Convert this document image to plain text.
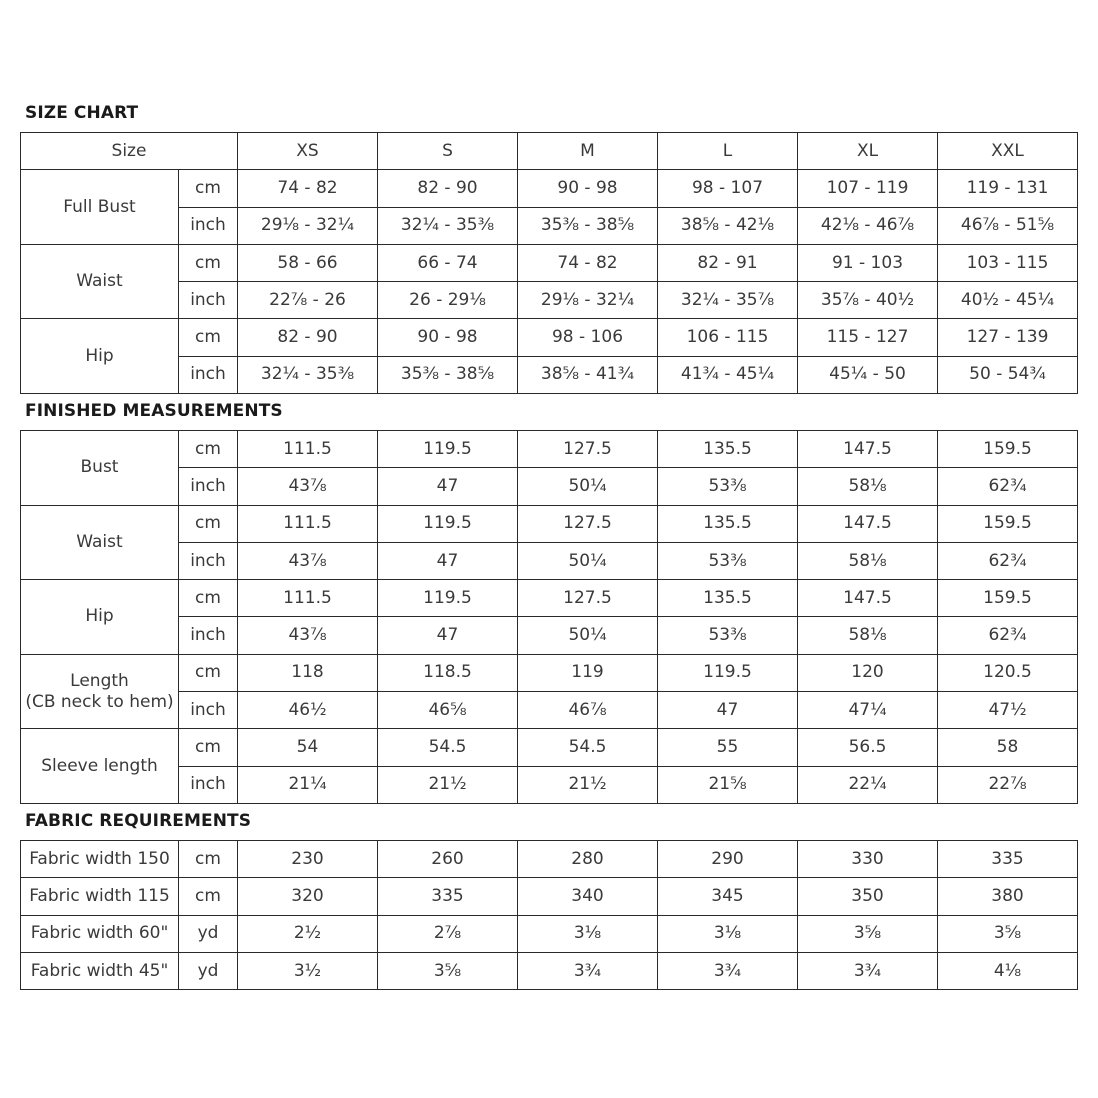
SIZE CHART
Size		XS	S	M	L	XL	XXL

Full Bust	cm	74 - 82	82 - 90	90 - 98	98 - 107	107 - 119	119 - 131
	inch	29⅛ - 32¼	32¼ - 35⅜	35⅜ - 38⅝	38⅝ - 42⅛	42⅛ - 46⅞	46⅞ - 51⅝

Waist	cm	58 - 66	66 - 74	74 - 82	82 - 91	91 - 103	103 - 115
	inch	22⅞ - 26	26 - 29⅛	29⅛ - 32¼	32¼ - 35⅞	35⅞ - 40½	40½ - 45¼

Hip	cm	82 - 90	90 - 98	98 - 106	106 - 115	115 - 127	127 - 139
	inch	32¼ - 35⅜	35⅜ - 38⅝	38⅝ - 41¾	41¾ - 45¼	45¼ - 50	50 - 54¾
FINISHED MEASUREMENTS
Bust	cm	111.5	119.5	127.5	135.5	147.5	159.5
	inch	43⅞	47	50¼	53⅜	58⅛	62¾

Waist	cm	111.5	119.5	127.5	135.5	147.5	159.5
	inch	43⅞	47	50¼	53⅜	58⅛	62¾

Hip	cm	111.5	119.5	127.5	135.5	147.5	159.5
	inch	43⅞	47	50¼	53⅜	58⅛	62¾

Length
(CB neck to hem)	cm	118	118.5	119	119.5	120	120.5
	inch	46½	46⅝	46⅞	47	47¼	47½

Sleeve length	cm	54	54.5	54.5	55	56.5	58
	inch	21¼	21½	21½	21⅝	22¼	22⅞
FABRIC REQUIREMENTS
Fabric width 150	cm	230	260	280	290	330	335
Fabric width 115	cm	320	335	340	345	350	380
Fabric width 60"	yd	2½	2⅞	3⅛	3⅛	3⅝	3⅝
Fabric width 45"	yd	3½	3⅝	3¾	3¾	3¾	4⅛
